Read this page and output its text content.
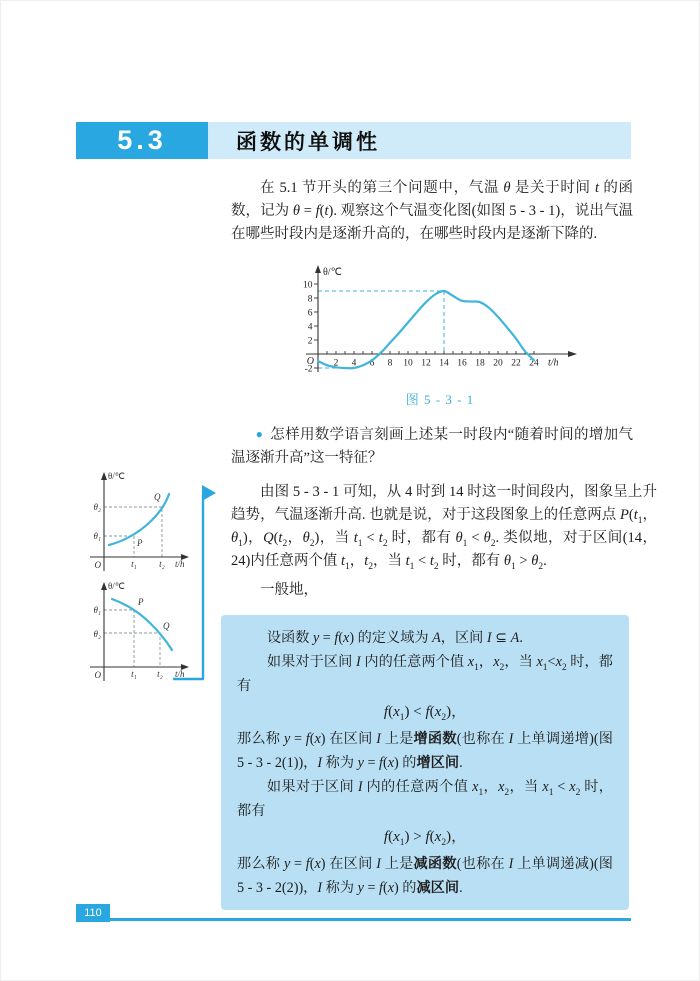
5.3	函数的单调性

在 5.1 节开头的第三个问题中，气温 θ 是关于时间 t 的函数，记为 θ = f(t). 观察这个气温变化图(如图 5 - 3 - 1)，说出气温在哪些时段内是逐渐升高的，在哪些时段内是逐渐下降的.

2 4 6 8 10 12 14 16 18 20 22 24
-2
2
4
6
8
10
θ/℃
t/h
O
图 5 - 3 - 1

● 怎样用数学语言刻画上述某一时段内“随着时间的增加气温逐渐升高”这一特征？

θ/℃
O
θ₂
θ₁
t₁ t₂ t/h
P
Q
θ/℃
O
θ₁
θ₂
t₁ t₂ t/h
P
Q

由图 5 - 3 - 1 可知，从 4 时到 14 时这一时间段内，图象呈上升趋势，气温逐渐升高. 也就是说，对于这段图象上的任意两点 $P(t_1$，$\theta_1$)，$Q(t_2$，$\theta_2$)，当 $t_1 < t_2$ 时，都有 $\theta_1 < \theta_2$. 类似地，对于区间(14，24)内任意两个值 $t_1$，$t_2$，当 $t_1 < t_2$ 时，都有 $\theta_1 > \theta_2$.

一般地，

设函数 y = f(x) 的定义域为 A，区间 I ⊆ A.

如果对于区间 I 内的任意两个值 $x_1$，$x_2$，当 $x_1<x_2$ 时，都有

$f(x_1) < f(x_2)$，

那么称 y = f(x) 在区间 I 上是增函数(也称在 I 上单调递增)(图 5 - 3 - 2(1))，I 称为 y = f(x) 的增区间.

如果对于区间 I 内的任意两个值 $x_1$，$x_2$，当 $x_1 < x_2$ 时，都有

$f(x_1) > f(x_2)$，

那么称 y = f(x) 在区间 I 上是减函数(也称在 I 上单调递减)(图 5 - 3 - 2(2))，I 称为 y = f(x) 的减区间.

110
